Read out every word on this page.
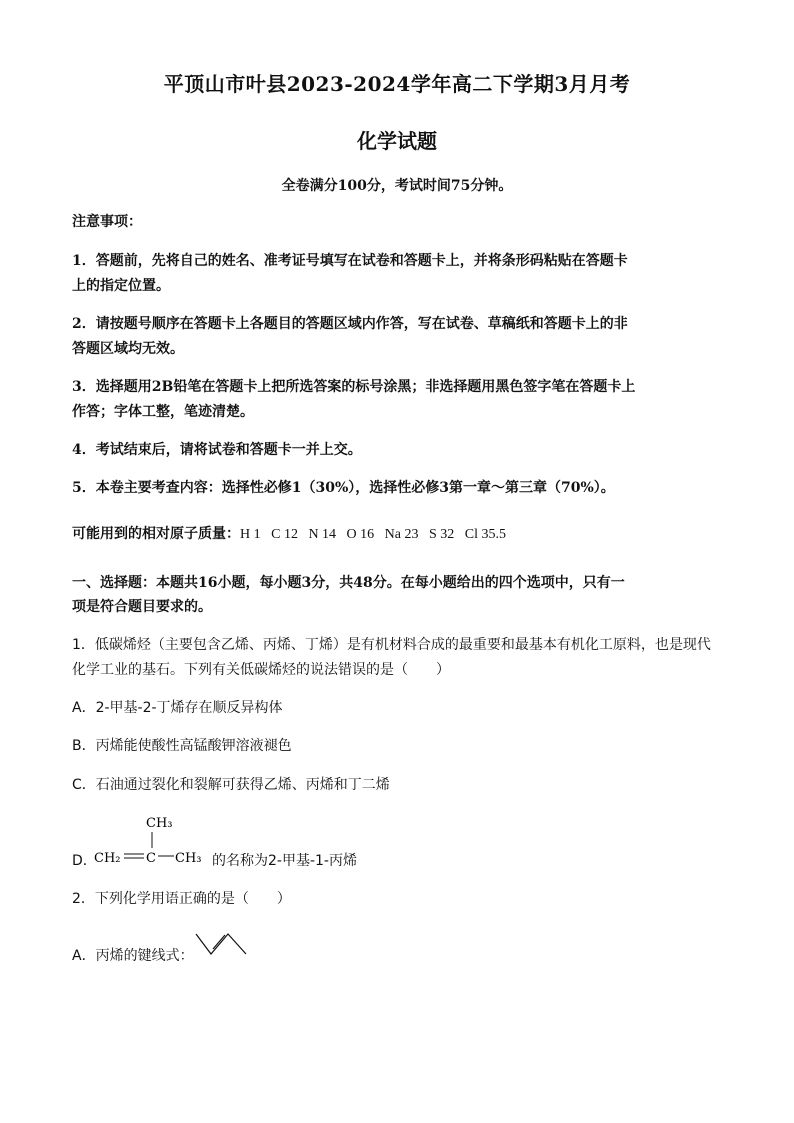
平顶山市叶县2023-2024学年高二下学期3月月考
化学试题
全卷满分100分，考试时间75分钟。
注意事项：
1．答题前，先将自己的姓名、准考证号填写在试卷和答题卡上，并将条形码粘贴在答题卡
上的指定位置。
2．请按题号顺序在答题卡上各题目的答题区域内作答，写在试卷、草稿纸和答题卡上的非
答题区域均无效。
3．选择题用2B铅笔在答题卡上把所选答案的标号涂黑；非选择题用黑色签字笔在答题卡上
作答；字体工整，笔迹清楚。
4．考试结束后，请将试卷和答题卡一并上交。
5．本卷主要考查内容：选择性必修1（30%），选择性必修3第一章～第三章（70%）。
可能用到的相对原子质量：H 1   C 12   N 14   O 16   Na 23   S 32   Cl 35.5
一、选择题：本题共16小题，每小题3分，共48分。在每小题给出的四个选项中，只有一
项是符合题目要求的。
1．低碳烯烃（主要包含乙烯、丙烯、丁烯）是有机材料合成的最重要和最基本有机化工原料，也是现代
化学工业的基石。下列有关低碳烯烃的说法错误的是（　　）
A．2-甲基-2-丁烯存在顺反异构体
B．丙烯能使酸性高锰酸钾溶液褪色
C．石油通过裂化和裂解可获得乙烯、丙烯和丁二烯
D．
CH₃
CH₂ C CH₃ 的名称为2-甲基-1-丙烯
2．下列化学用语正确的是（　　）
A．丙烯的键线式：
